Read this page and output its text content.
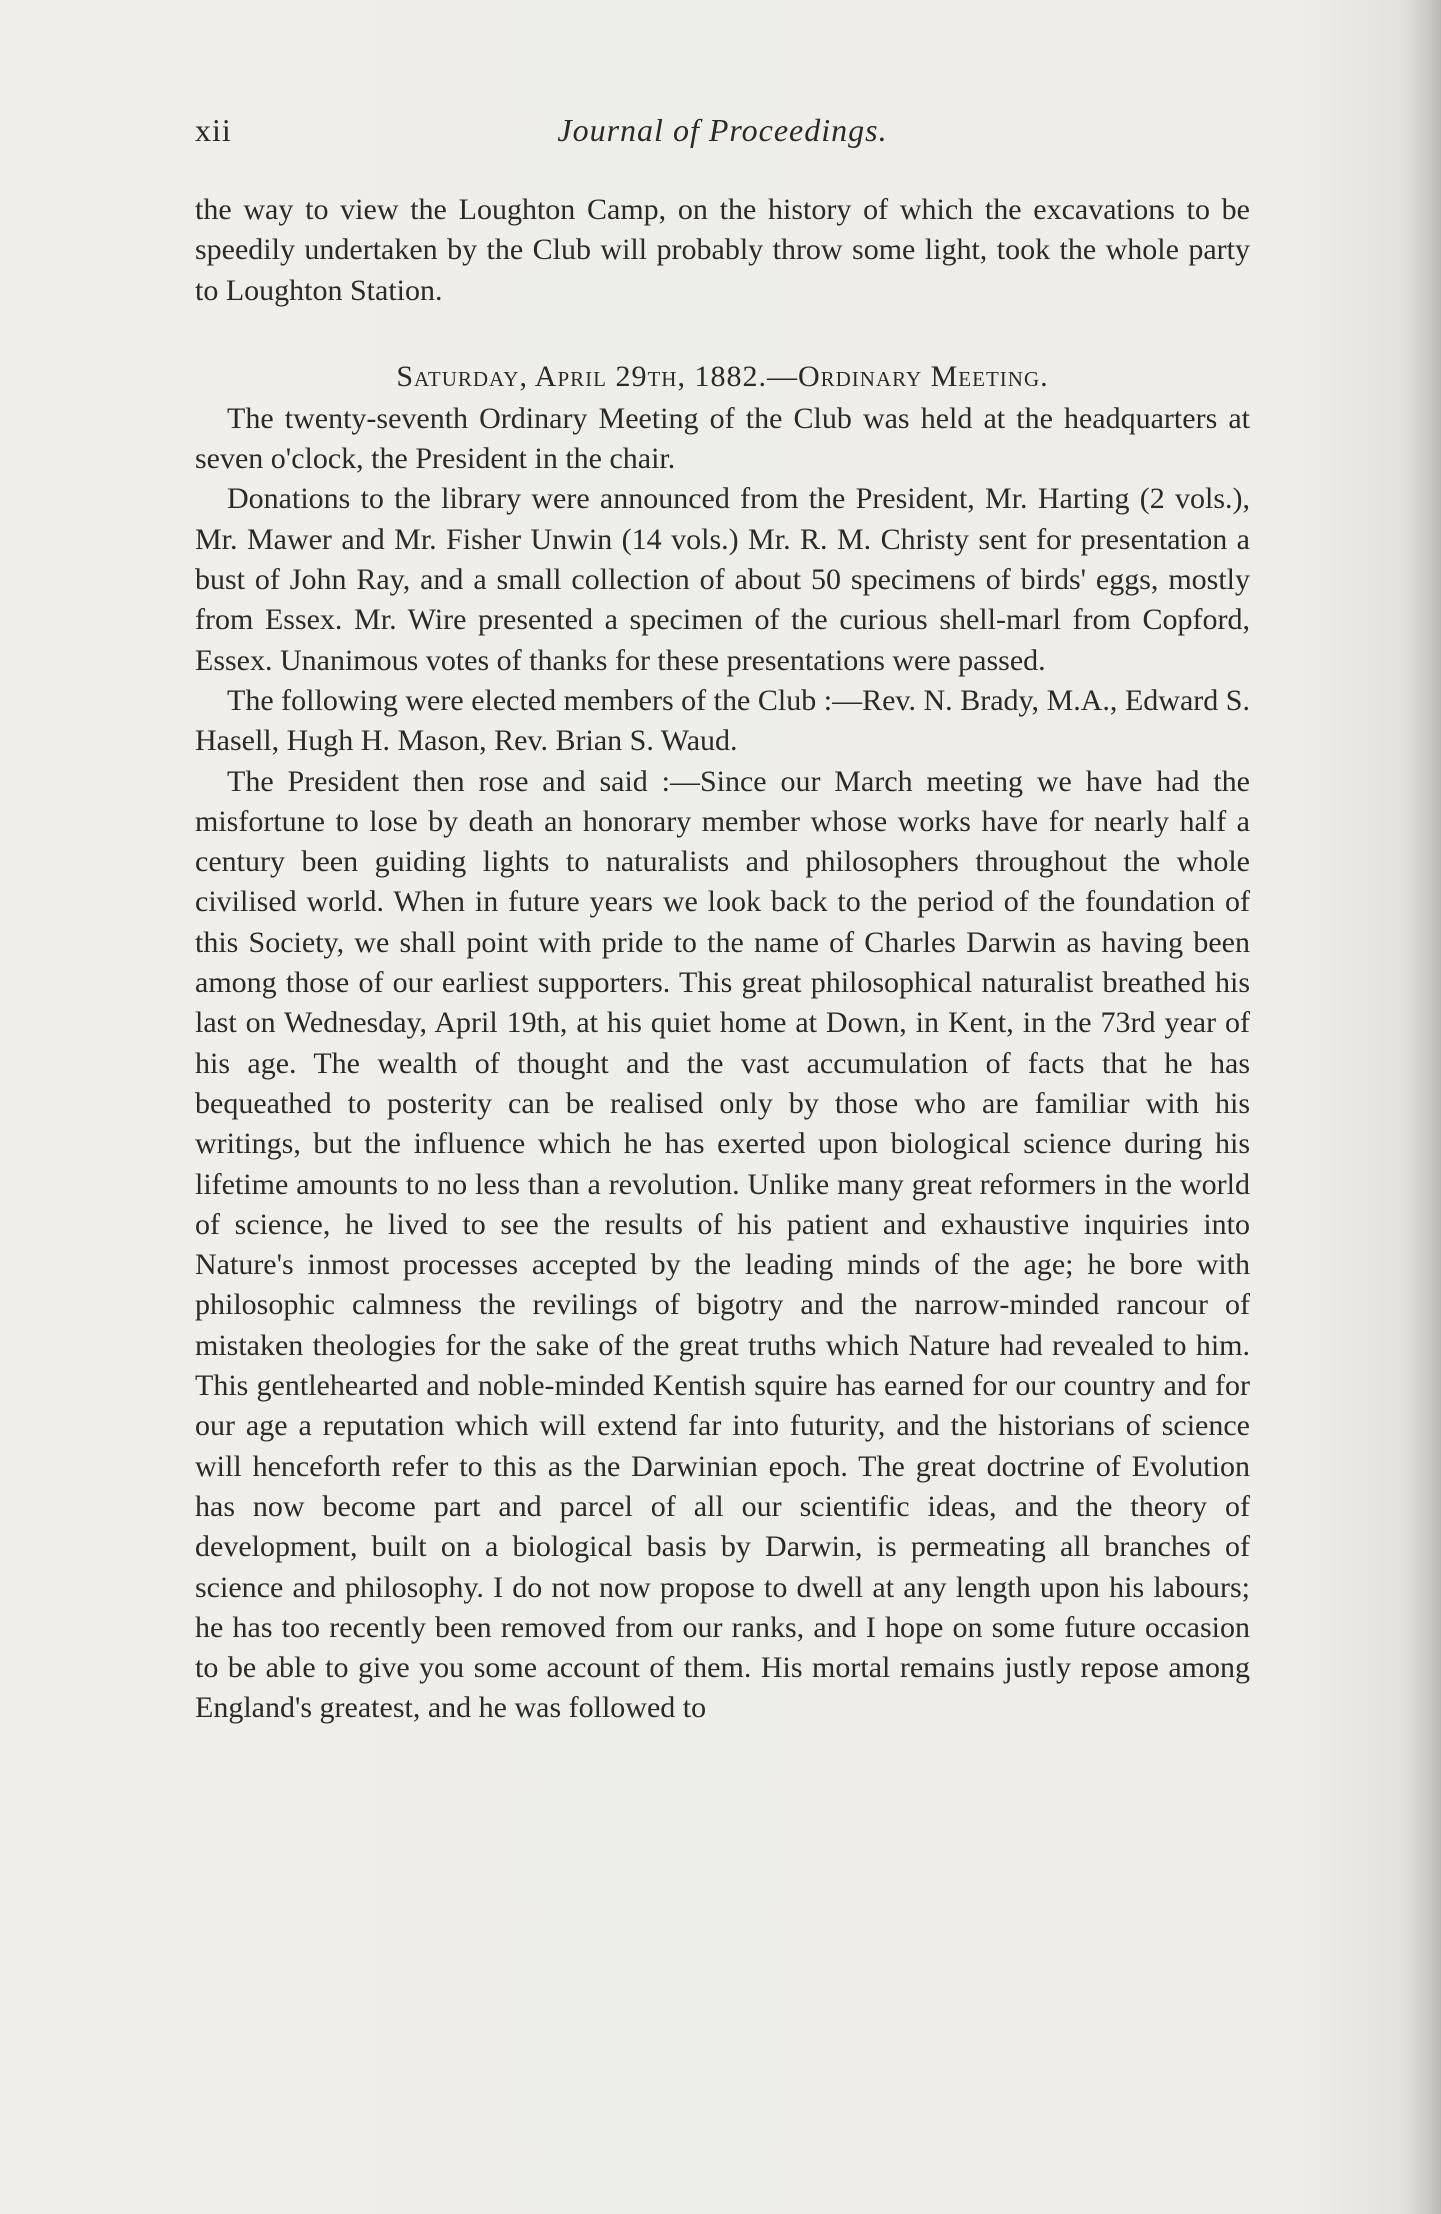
xii	Journal of Proceedings.

the way to view the Loughton Camp, on the history of which the excavations to be speedily undertaken by the Club will probably throw some light, took the whole party to Loughton Station.

Saturday, April 29th, 1882.—Ordinary Meeting.

The twenty-seventh Ordinary Meeting of the Club was held at the headquarters at seven o'clock, the President in the chair.

Donations to the library were announced from the President, Mr. Harting (2 vols.), Mr. Mawer and Mr. Fisher Unwin (14 vols.) Mr. R. M. Christy sent for presentation a bust of John Ray, and a small collection of about 50 specimens of birds' eggs, mostly from Essex. Mr. Wire presented a specimen of the curious shell-marl from Copford, Essex. Unanimous votes of thanks for these presentations were passed.

The following were elected members of the Club :—Rev. N. Brady, M.A., Edward S. Hasell, Hugh H. Mason, Rev. Brian S. Waud.

The President then rose and said :—Since our March meeting we have had the misfortune to lose by death an honorary member whose works have for nearly half a century been guiding lights to naturalists and philosophers throughout the whole civilised world. When in future years we look back to the period of the foundation of this Society, we shall point with pride to the name of Charles Darwin as having been among those of our earliest supporters. This great philosophical naturalist breathed his last on Wednesday, April 19th, at his quiet home at Down, in Kent, in the 73rd year of his age. The wealth of thought and the vast accumulation of facts that he has bequeathed to posterity can be realised only by those who are familiar with his writings, but the influence which he has exerted upon biological science during his lifetime amounts to no less than a revolution. Unlike many great reformers in the world of science, he lived to see the results of his patient and exhaustive inquiries into Nature's inmost processes accepted by the leading minds of the age; he bore with philosophic calmness the revilings of bigotry and the narrow-minded rancour of mistaken theologies for the sake of the great truths which Nature had revealed to him. This gentlehearted and noble-minded Kentish squire has earned for our country and for our age a reputation which will extend far into futurity, and the historians of science will henceforth refer to this as the Darwinian epoch. The great doctrine of Evolution has now become part and parcel of all our scientific ideas, and the theory of development, built on a biological basis by Darwin, is permeating all branches of science and philosophy. I do not now propose to dwell at any length upon his labours; he has too recently been removed from our ranks, and I hope on some future occasion to be able to give you some account of them. His mortal remains justly repose among England's greatest, and he was followed to
